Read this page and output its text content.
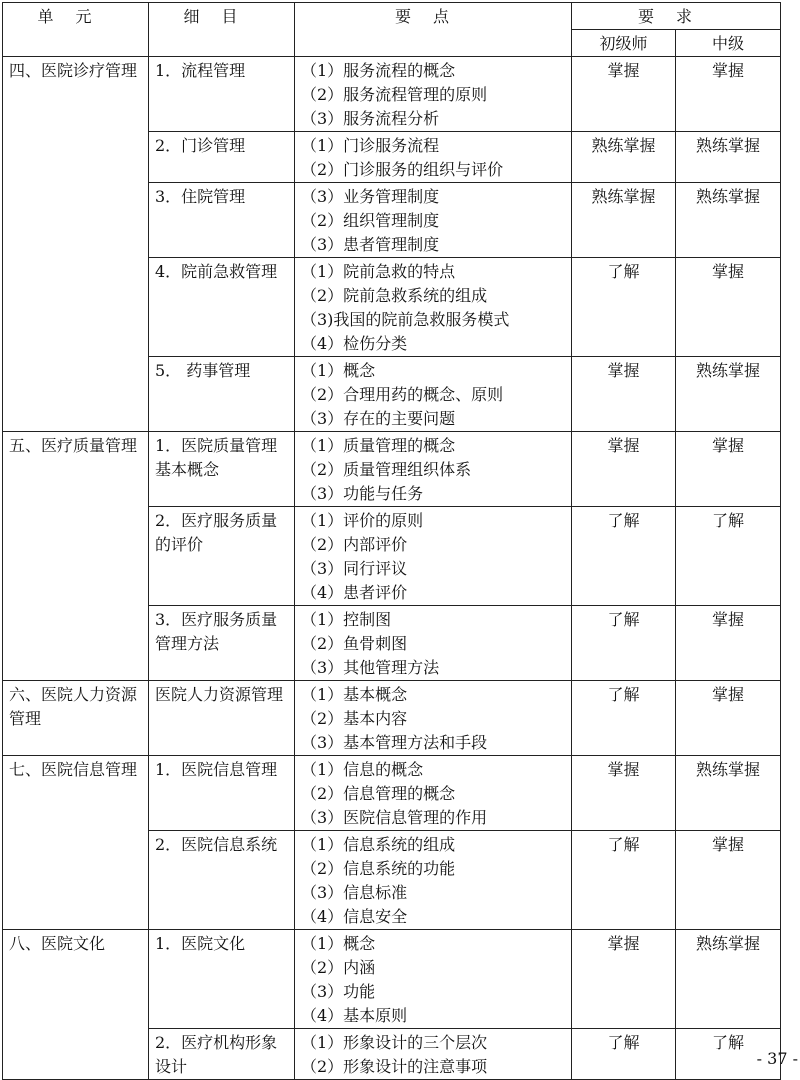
单元	细目	要点	要求	
			初级师	中级
四、医院诊疗管理	1．流程管理	（1）服务流程的概念
（2）服务流程管理的原则
（3）服务流程分析	掌握	掌握
	2．门诊管理	（1）门诊服务流程
（2）门诊服务的组织与评价	熟练掌握	熟练掌握
	3．住院管理	（3）业务管理制度
（2）组织管理制度
（3）患者管理制度	熟练掌握	熟练掌握
	4．院前急救管理	（1）院前急救的特点
（2）院前急救系统的组成
（3)我国的院前急救服务模式
（4）检伤分类	了解	掌握
	5． 药事管理	（1）概念
（2）合理用药的概念、原则
（3）存在的主要问题	掌握	熟练掌握
五、医疗质量管理	1．医院质量管理基本概念	（1）质量管理的概念
（2）质量管理组织体系
（3）功能与任务	掌握	掌握
	2．医疗服务质量的评价	（1）评价的原则
（2）内部评价
（3）同行评议
（4）患者评价	了解	了解
	3．医疗服务质量管理方法	（1）控制图
（2）鱼骨刺图
（3）其他管理方法	了解	掌握
六、医院人力资源管理	医院人力资源管理	（1）基本概念
（2）基本内容
（3）基本管理方法和手段	了解	掌握
七、医院信息管理	1．医院信息管理	（1）信息的概念
（2）信息管理的概念
（3）医院信息管理的作用	掌握	熟练掌握
	2．医院信息系统	（1）信息系统的组成
（2）信息系统的功能
（3）信息标准
（4）信息安全	了解	掌握
八、医院文化	1．医院文化	（1）概念
（2）内涵
（3）功能
（4）基本原则	掌握	熟练掌握
	2．医疗机构形象设计	（1）形象设计的三个层次
（2）形象设计的注意事项	了解	了解
- 37 -
